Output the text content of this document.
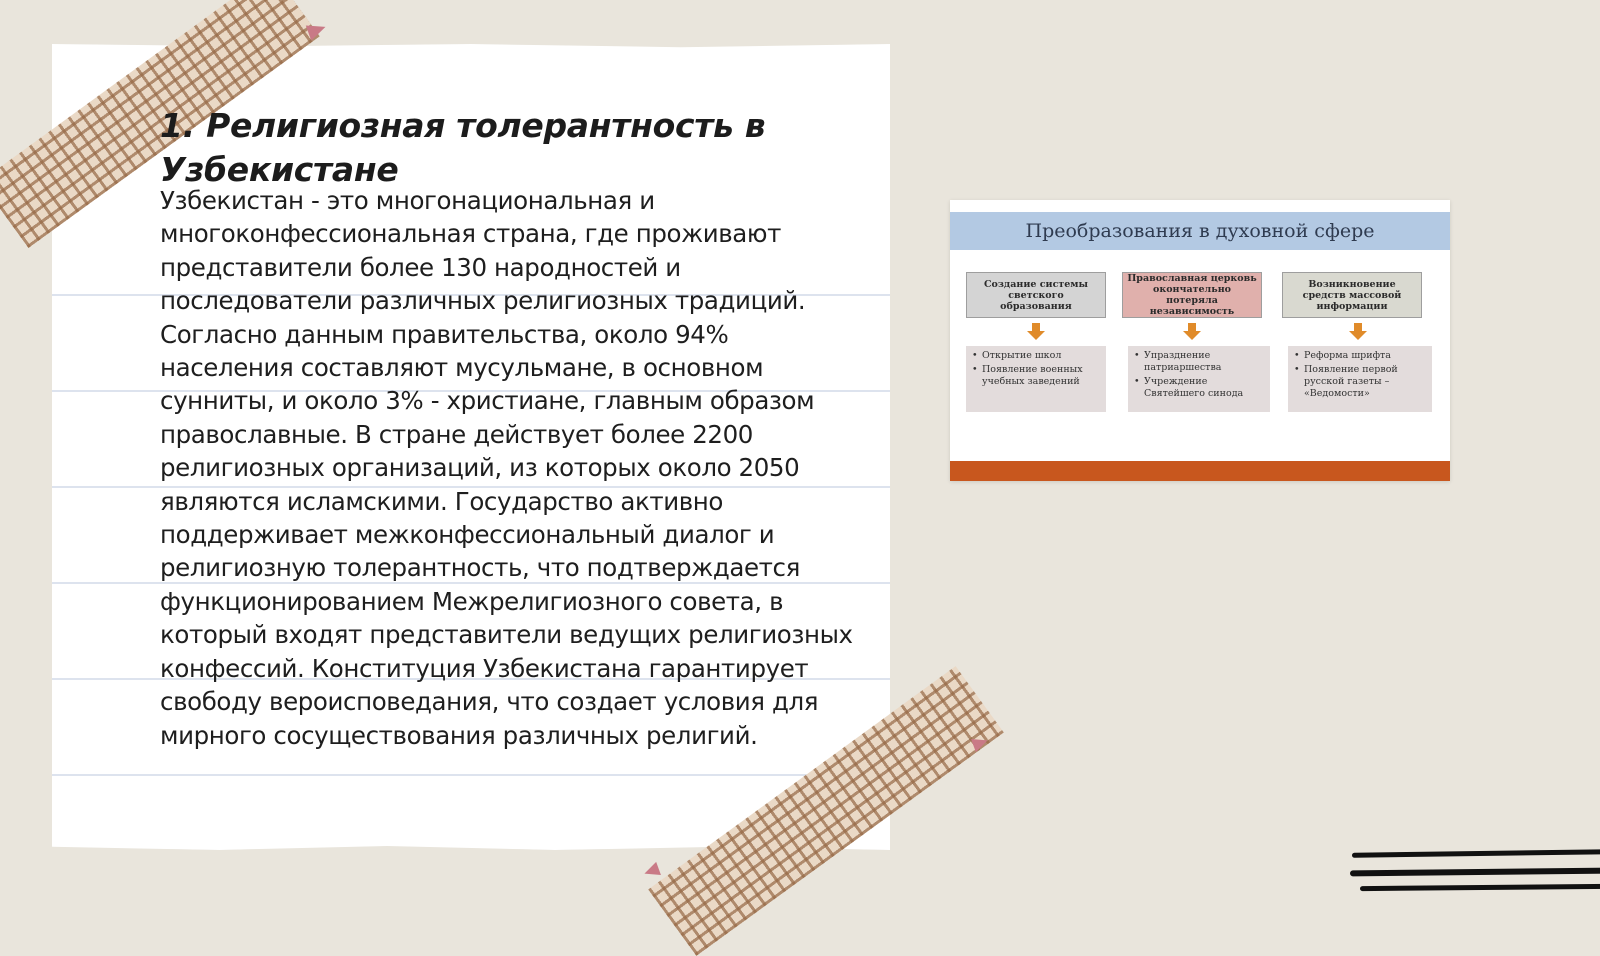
1. Религиозная толерантность в Узбекистане

Узбекистан - это многонациональная и многоконфессиональная страна, где проживают представители более 130 народностей и последователи различных религиозных традиций. Согласно данным правительства, около 94% населения составляют мусульмане, в основном сунниты, и около 3% - христиане, главным образом православные. В стране действует более 2200 религиозных организаций, из которых около 2050 являются исламскими. Государство активно поддерживает межконфессиональный диалог и религиозную толерантность, что подтверждается функционированием Межрелигиозного совета, в который входят представители ведущих религиозных конфессий. Конституция Узбекистана гарантирует свободу вероисповедания, что создает условия для мирного сосуществования различных религий.

Преобразования в духовной сфере
Создание системы светского образования
Православная церковь окончательно потеряла независимость
Возникновение средств массовой информации
• Открытие школ
• Появление военных учебных заведений
• Упразднение патриаршества
• Учреждение Святейшего синода
• Реформа шрифта
• Появление первой русской газеты – «Ведомости»
